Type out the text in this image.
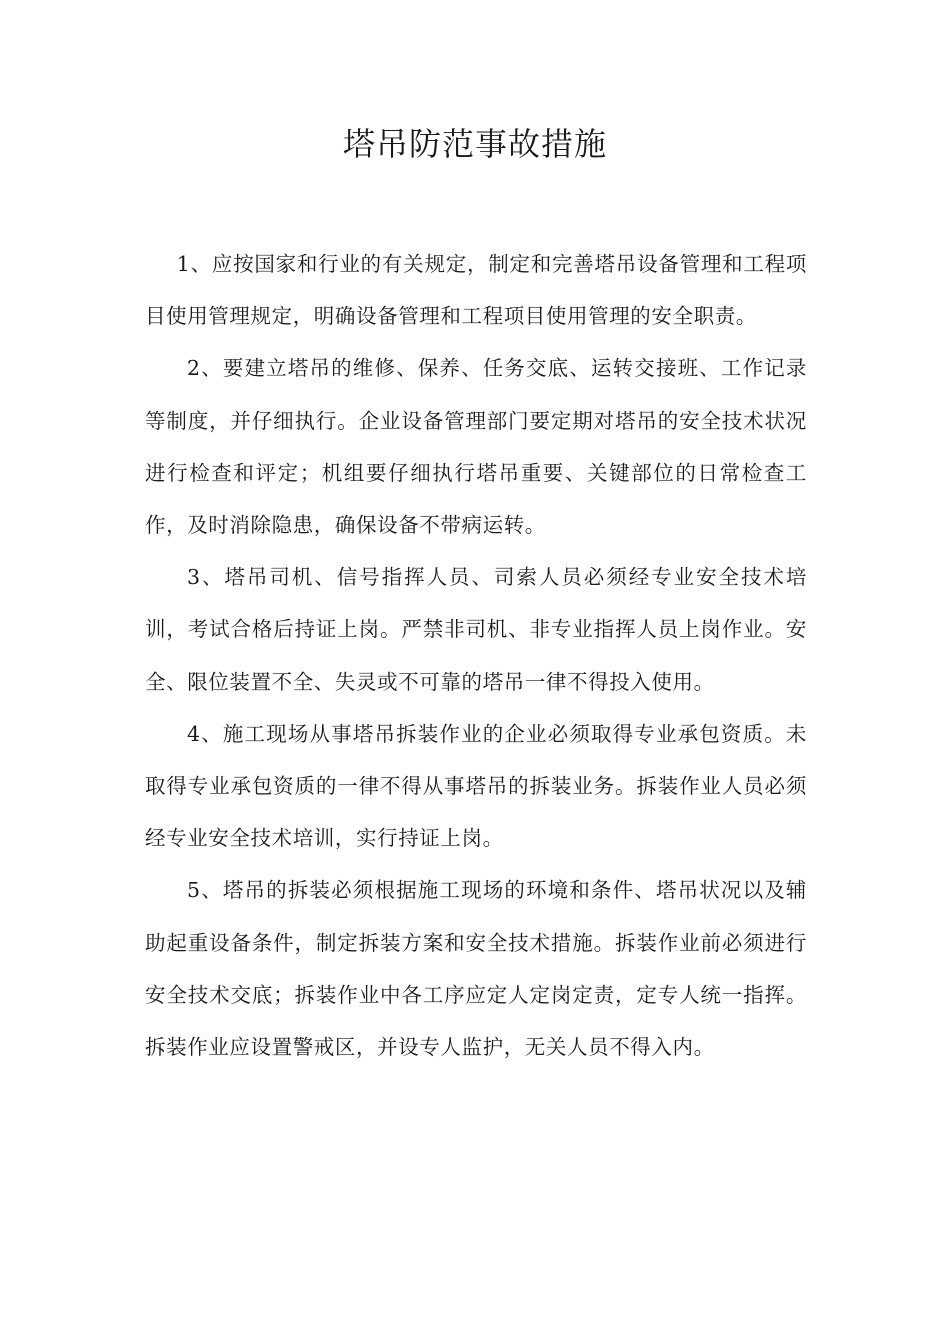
塔吊防范事故措施

1、应按国家和行业的有关规定，制定和完善塔吊设备管理和工程项目使用管理规定，明确设备管理和工程项目使用管理的安全职责。

2、要建立塔吊的维修、保养、任务交底、运转交接班、工作记录等制度，并仔细执行。企业设备管理部门要定期对塔吊的安全技术状况进行检查和评定；机组要仔细执行塔吊重要、关键部位的日常检查工作，及时消除隐患，确保设备不带病运转。

3、塔吊司机、信号指挥人员、司索人员必须经专业安全技术培训，考试合格后持证上岗。严禁非司机、非专业指挥人员上岗作业。安全、限位装置不全、失灵或不可靠的塔吊一律不得投入使用。

4、施工现场从事塔吊拆装作业的企业必须取得专业承包资质。未取得专业承包资质的一律不得从事塔吊的拆装业务。拆装作业人员必须经专业安全技术培训，实行持证上岗。

5、塔吊的拆装必须根据施工现场的环境和条件、塔吊状况以及辅助起重设备条件，制定拆装方案和安全技术措施。拆装作业前必须进行安全技术交底；拆装作业中各工序应定人定岗定责，定专人统一指挥。拆装作业应设置警戒区，并设专人监护，无关人员不得入内。
